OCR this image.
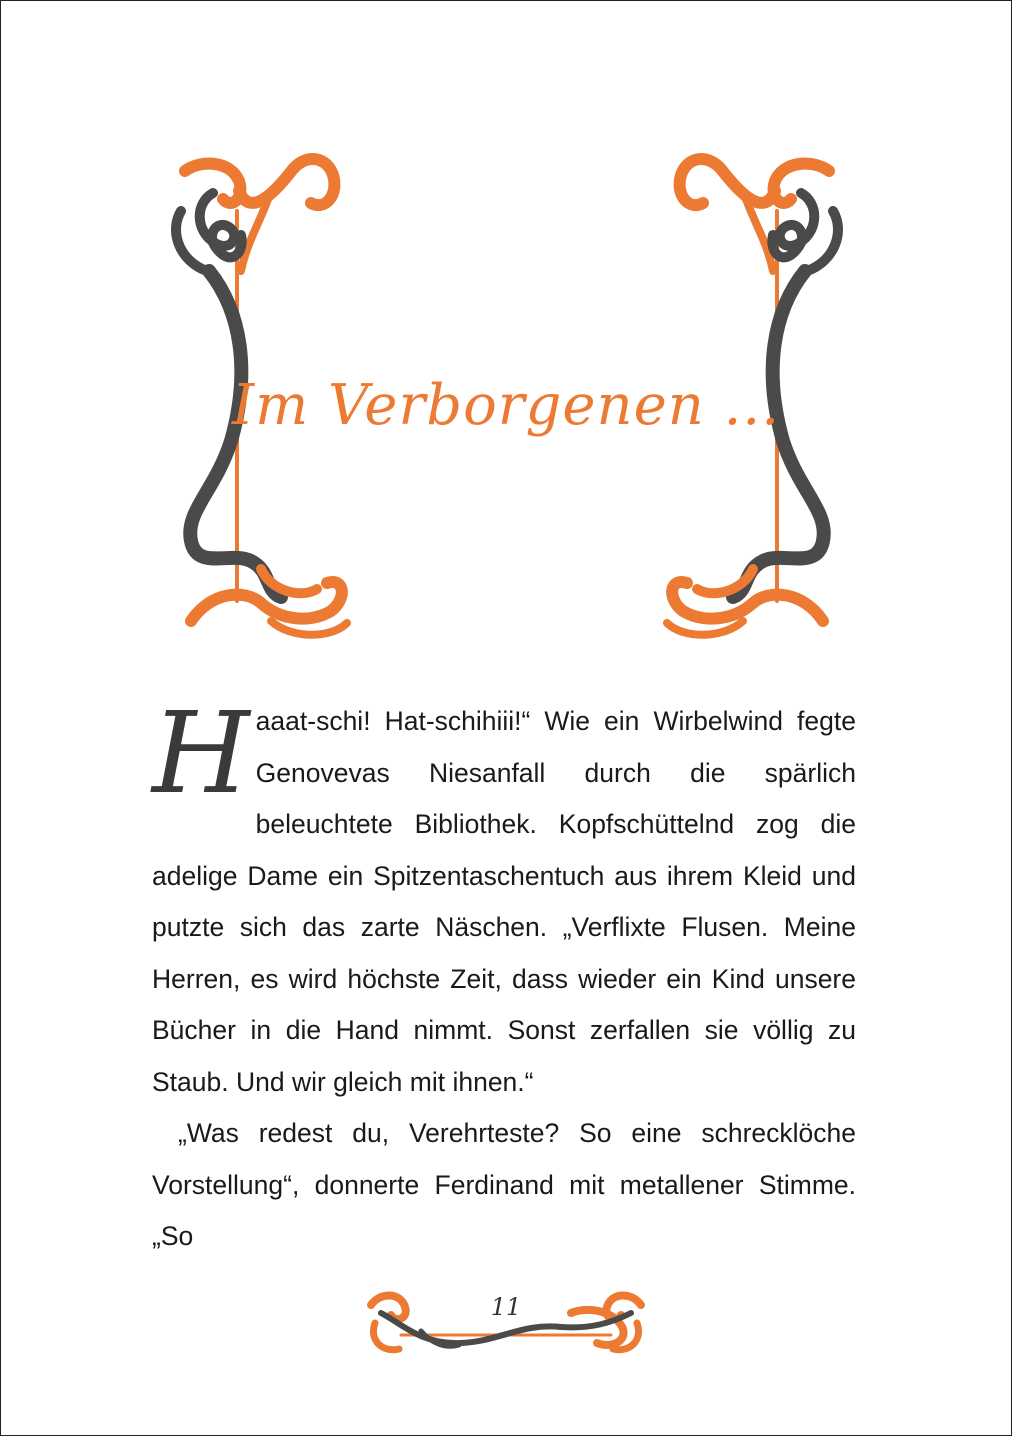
Im Verborgenen ...

Haaat-schi! Hat-schihiii!“ Wie ein Wirbelwind fegte Genovevas Niesanfall durch die spärlich beleuchtete Bibliothek. Kopfschüttelnd zog die adelige Dame ein Spitzentaschentuch aus ihrem Kleid und putzte sich das zarte Näschen. „Verflixte Flusen. Meine Herren, es wird höchste Zeit, dass wieder ein Kind unsere Bücher in die Hand nimmt. Sonst zerfallen sie völlig zu Staub. Und wir gleich mit ihnen.“

„Was redest du, Verehrteste? So eine schrecklöche Vorstellung“, donnerte Ferdinand mit metallener Stimme. „So

11
